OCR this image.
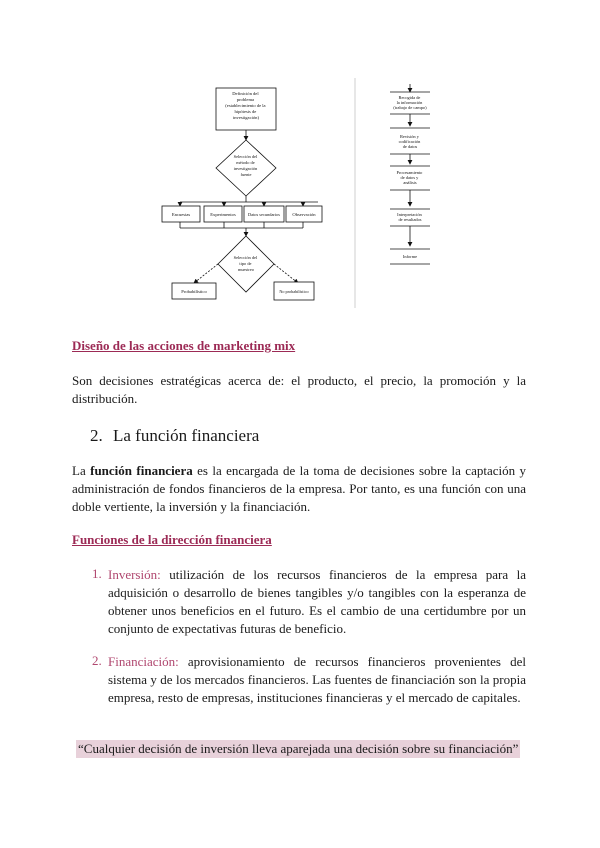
Definición del problema (establecimiento de la hipótesis de investigación)
Selección del método de investigación fuente
Encuestas	Experimentos	Datos secundarios	Observación
Selección del tipo de muestreo
Probabilístico	No probabilístico
Recogida de la información (trabajo de campo)
Revisión y codificación de datos
Procesamiento de datos y análisis
Interpretación de resultados
Informe
Diseño de las acciones de marketing mix
Son decisiones estratégicas acerca de: el producto, el precio, la promoción y la distribución.
2. La función financiera
La función financiera es la encargada de la toma de decisiones sobre la captación y administración de fondos financieros de la empresa. Por tanto, es una función con una doble vertiente, la inversión y la financiación.
Funciones de la dirección financiera
1. Inversión: utilización de los recursos financieros de la empresa para la adquisición o desarrollo de bienes tangibles y/o tangibles con la esperanza de obtener unos beneficios en el futuro. Es el cambio de una certidumbre por un conjunto de expectativas futuras de beneficio.
2. Financiación: aprovisionamiento de recursos financieros provenientes del sistema y de los mercados financieros. Las fuentes de financiación son la propia empresa, resto de empresas, instituciones financieras y el mercado de capitales.
“Cualquier decisión de inversión lleva aparejada una decisión sobre su financiación”
